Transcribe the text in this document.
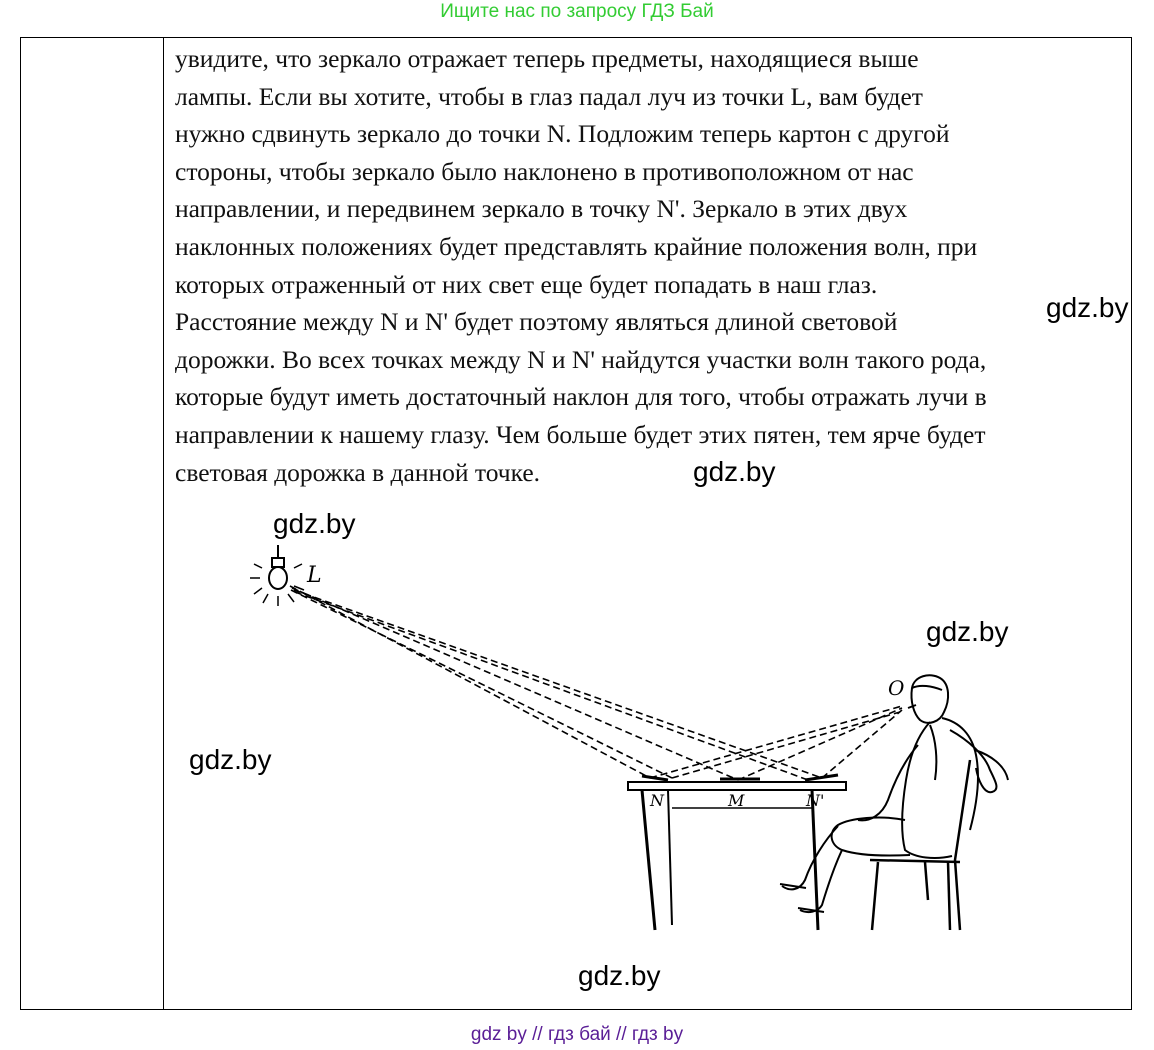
Ищите нас по запросу ГДЗ Бай
увидите, что зеркало отражает теперь предметы, находящиеся выше
лампы. Если вы хотите, чтобы в глаз падал луч из точки L, вам будет
нужно сдвинуть зеркало до точки N. Подложим теперь картон с другой
стороны, чтобы зеркало было наклонено в противоположном от нас
направлении, и передвинем зеркало в точку N'. Зеркало в этих двух
наклонных положениях будет представлять крайние положения волн, при
которых отраженный от них свет еще будет попадать в наш глаз.
Расстояние между N и N' будет поэтому являться длиной световой
дорожки. Во всех точках между N и N' найдутся участки волн такого рода,
которые будут иметь достаточный наклон для того, чтобы отражать лучи в
направлении к нашему глазу. Чем больше будет этих пятен, тем ярче будет
световая дорожка в данной точке.
L
N	M	N'
O
gdz.by
gdz.by
gdz.by
gdz.by
gdz.by
gdz.by
gdz by // гдз бай // гдз by
